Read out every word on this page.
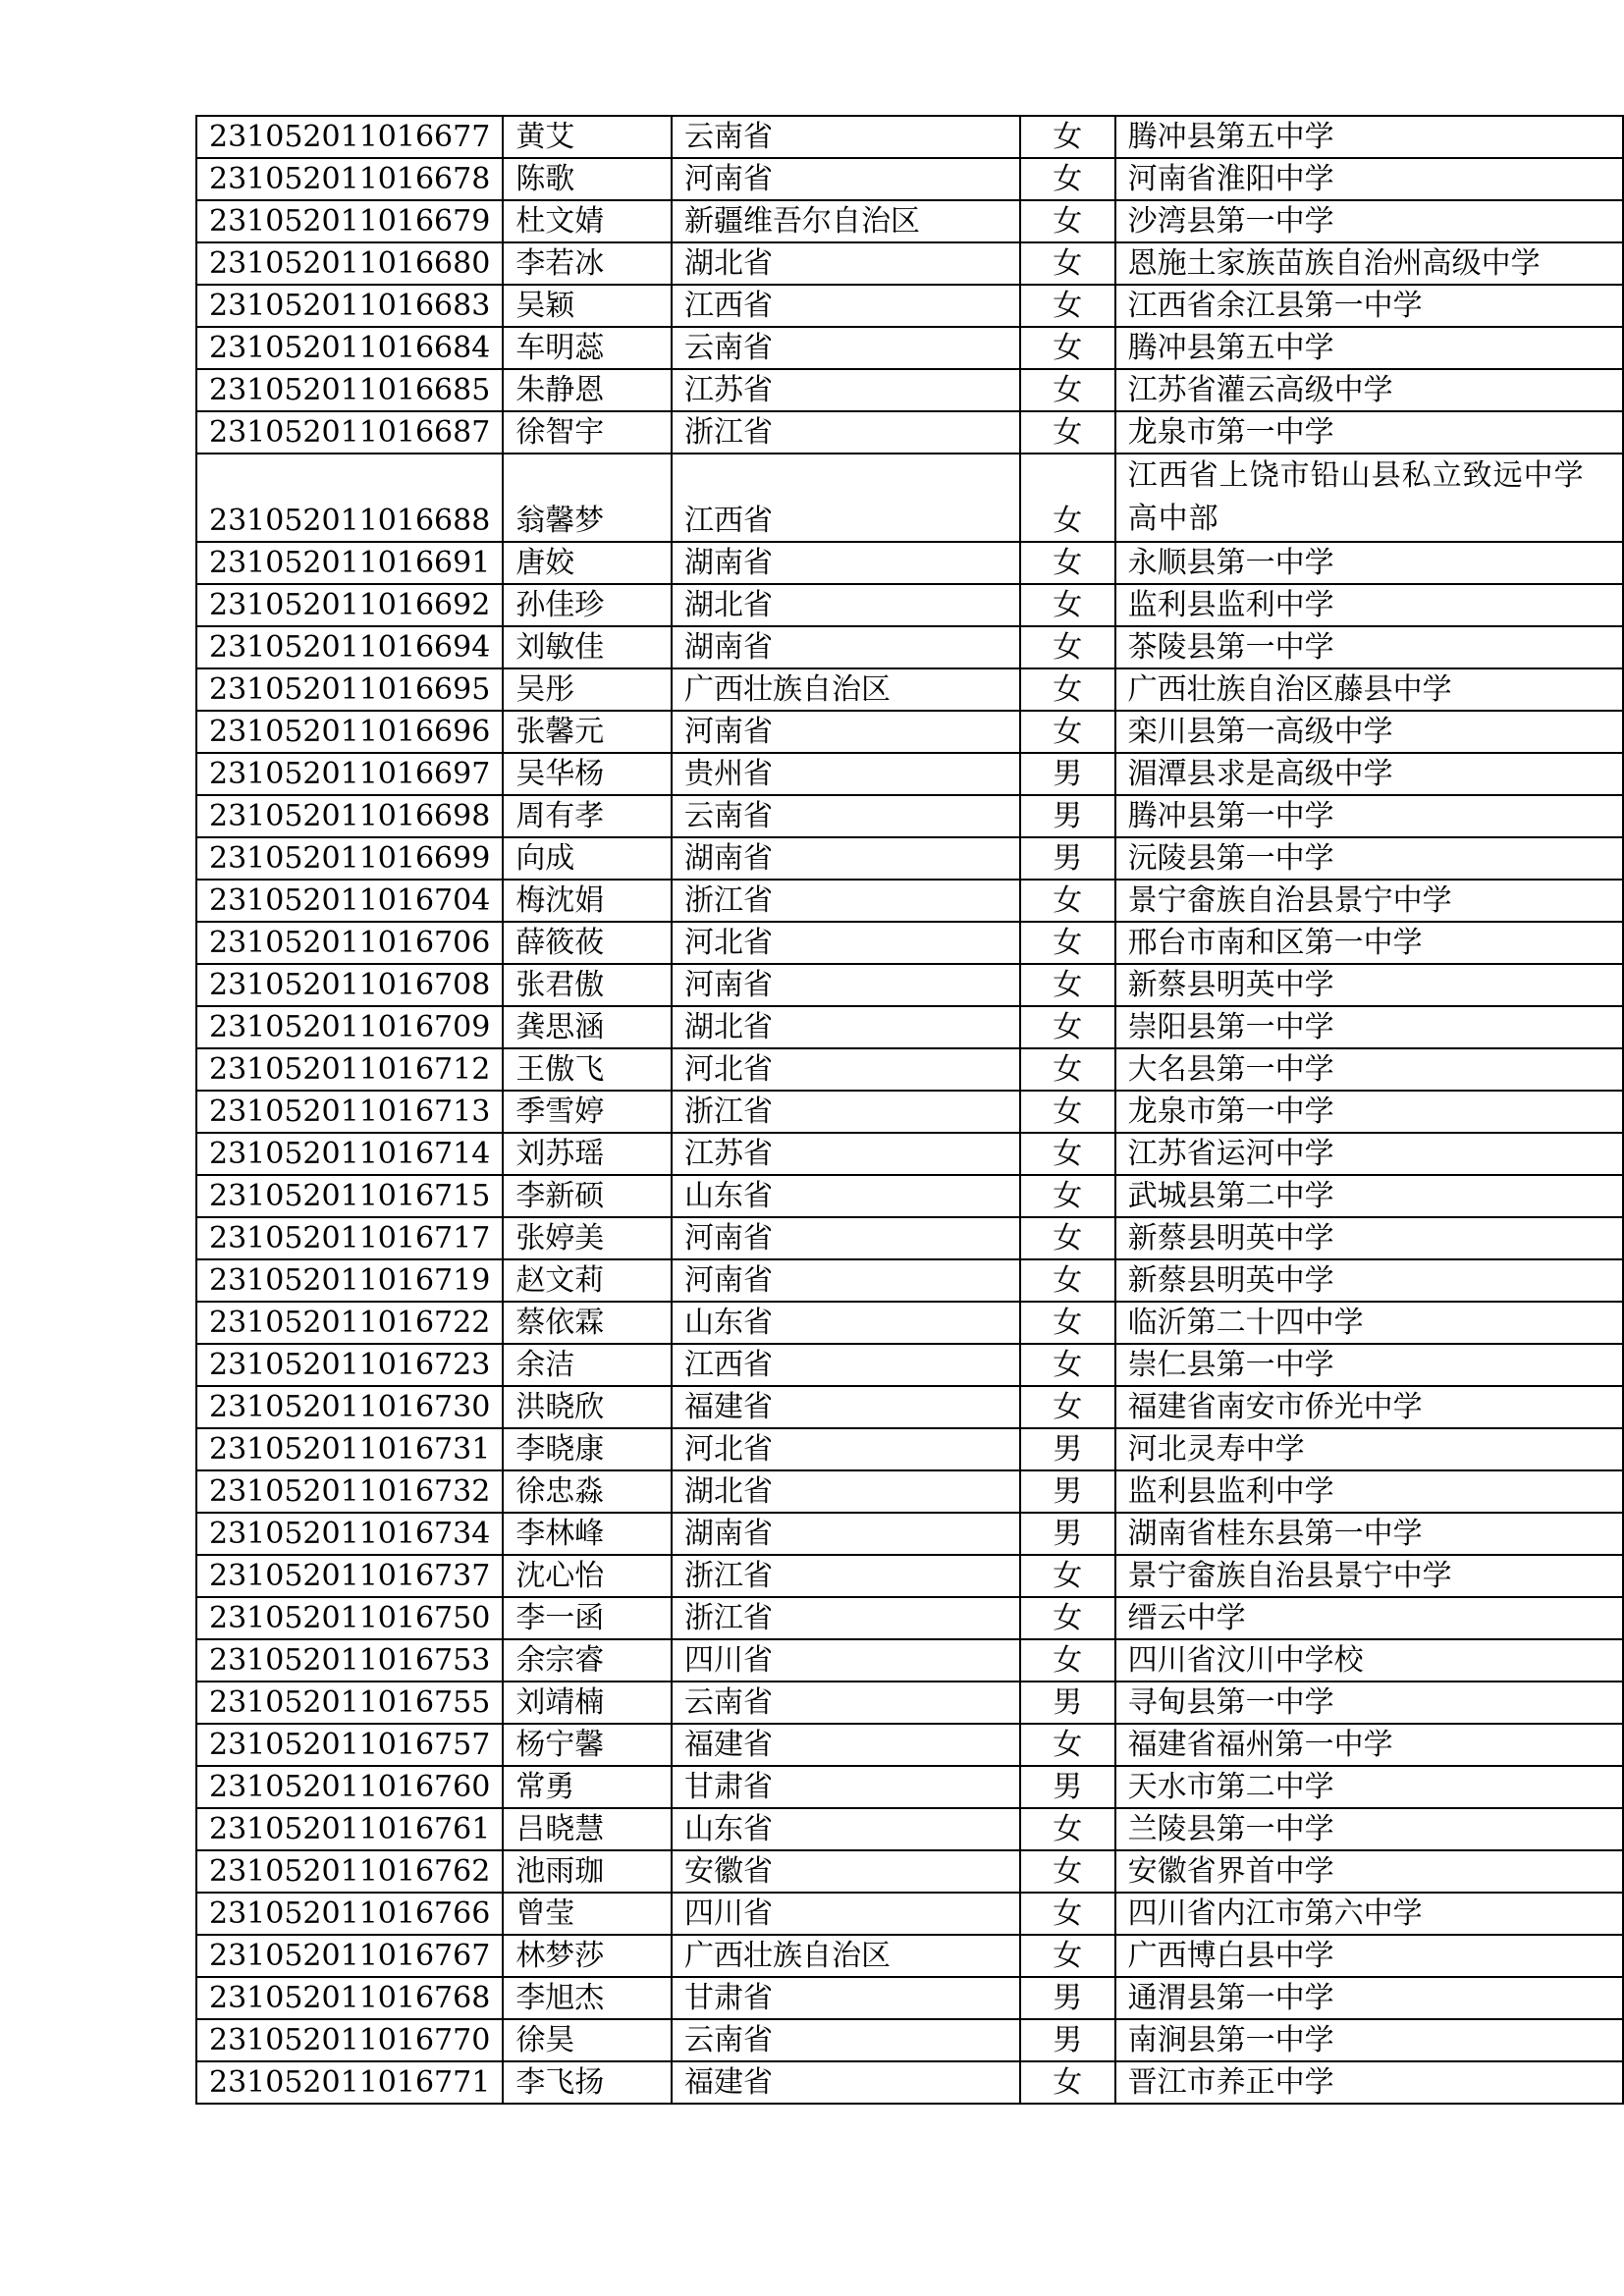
231052011016677	黄艾	云南省	女	腾冲县第五中学
231052011016678	陈歌	河南省	女	河南省淮阳中学
231052011016679	杜文婧	新疆维吾尔自治区	女	沙湾县第一中学
231052011016680	李若冰	湖北省	女	恩施土家族苗族自治州高级中学
231052011016683	吴颖	江西省	女	江西省余江县第一中学
231052011016684	车明蕊	云南省	女	腾冲县第五中学
231052011016685	朱静恩	江苏省	女	江苏省灌云高级中学
231052011016687	徐智宇	浙江省	女	龙泉市第一中学
231052011016688	翁馨梦	江西省	女	江西省上饶市铅山县私立致远中学高中部
231052011016691	唐姣	湖南省	女	永顺县第一中学
231052011016692	孙佳珍	湖北省	女	监利县监利中学
231052011016694	刘敏佳	湖南省	女	茶陵县第一中学
231052011016695	吴彤	广西壮族自治区	女	广西壮族自治区藤县中学
231052011016696	张馨元	河南省	女	栾川县第一高级中学
231052011016697	吴华杨	贵州省	男	湄潭县求是高级中学
231052011016698	周有孝	云南省	男	腾冲县第一中学
231052011016699	向成	湖南省	男	沅陵县第一中学
231052011016704	梅沈娟	浙江省	女	景宁畲族自治县景宁中学
231052011016706	薛筱莜	河北省	女	邢台市南和区第一中学
231052011016708	张君傲	河南省	女	新蔡县明英中学
231052011016709	龚思涵	湖北省	女	崇阳县第一中学
231052011016712	王傲飞	河北省	女	大名县第一中学
231052011016713	季雪婷	浙江省	女	龙泉市第一中学
231052011016714	刘苏瑶	江苏省	女	江苏省运河中学
231052011016715	李新硕	山东省	女	武城县第二中学
231052011016717	张婷美	河南省	女	新蔡县明英中学
231052011016719	赵文莉	河南省	女	新蔡县明英中学
231052011016722	蔡依霖	山东省	女	临沂第二十四中学
231052011016723	余洁	江西省	女	崇仁县第一中学
231052011016730	洪晓欣	福建省	女	福建省南安市侨光中学
231052011016731	李晓康	河北省	男	河北灵寿中学
231052011016732	徐忠淼	湖北省	男	监利县监利中学
231052011016734	李林峰	湖南省	男	湖南省桂东县第一中学
231052011016737	沈心怡	浙江省	女	景宁畲族自治县景宁中学
231052011016750	李一函	浙江省	女	缙云中学
231052011016753	余宗睿	四川省	女	四川省汶川中学校
231052011016755	刘靖楠	云南省	男	寻甸县第一中学
231052011016757	杨宁馨	福建省	女	福建省福州第一中学
231052011016760	常勇	甘肃省	男	天水市第二中学
231052011016761	吕晓慧	山东省	女	兰陵县第一中学
231052011016762	池雨珈	安徽省	女	安徽省界首中学
231052011016766	曾莹	四川省	女	四川省内江市第六中学
231052011016767	林梦莎	广西壮族自治区	女	广西博白县中学
231052011016768	李旭杰	甘肃省	男	通渭县第一中学
231052011016770	徐昊	云南省	男	南涧县第一中学
231052011016771	李飞扬	福建省	女	晋江市养正中学
